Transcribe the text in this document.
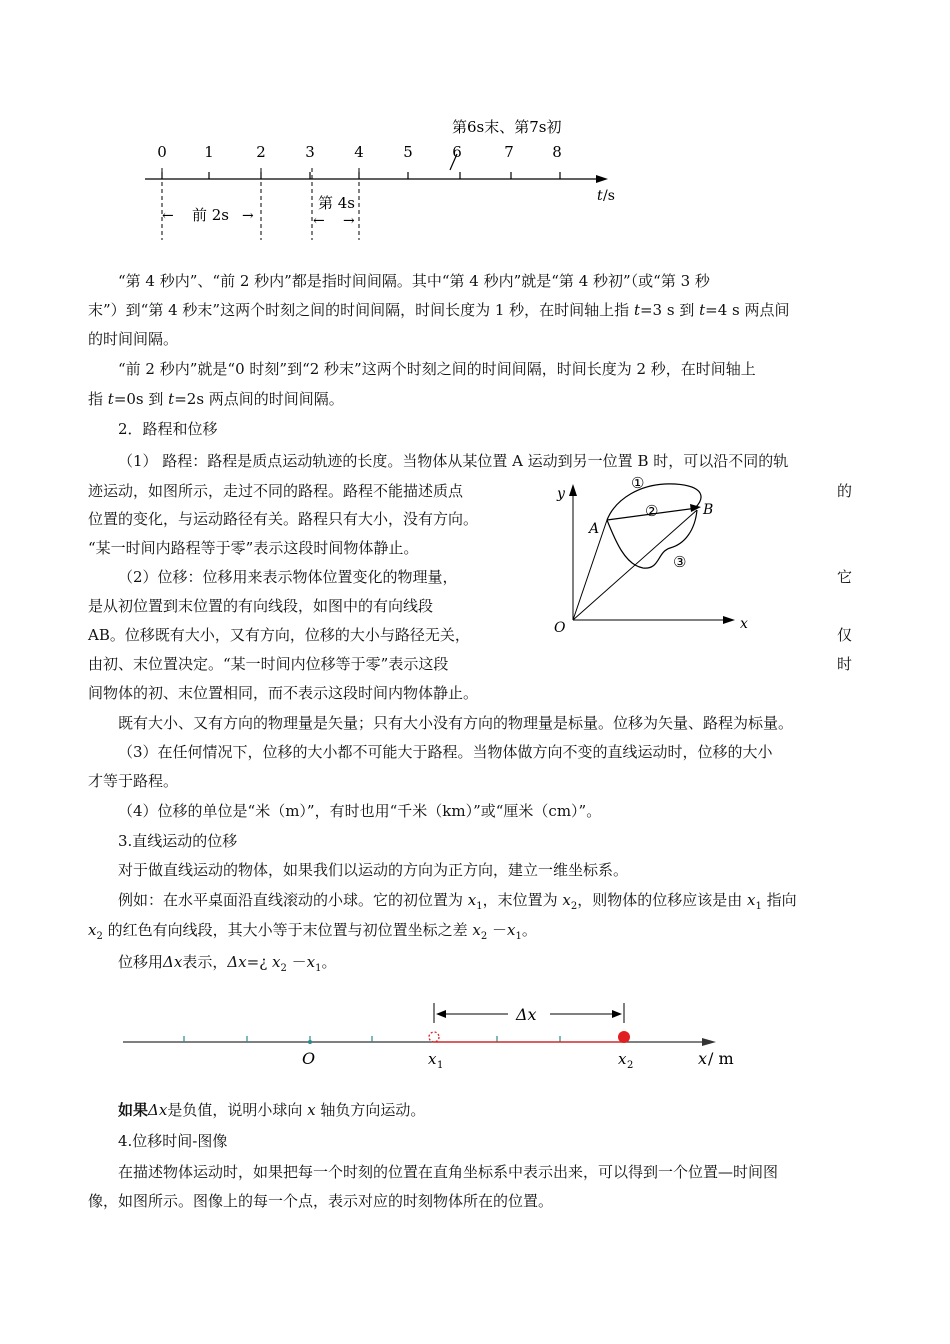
第6s末、第7s初
0 1	2	3	4	5	6	7	8
t /s
← 前 2s →
第 4s
← →
“第 4 秒内”、“前 2 秒内”都是指时间间隔。其中“第 4 秒内”就是“第 4 秒初”（或“第 3 秒
末”）到“第 4 秒末”这两个时刻之间的时间间隔，时间长度为 1 秒，在时间轴上指 t=3 s 到 t=4 s 两点间
的时间间隔。
“前 2 秒内”就是“0 时刻”到“2 秒末”这两个时刻之间的时间间隔，时间长度为 2 秒，在时间轴上
指 t=0s 到 t=2s 两点间的时间间隔。
2．路程和位移
（1） 路程：路程是质点运动轨迹的长度。当物体从某位置 A 运动到另一位置 B 时，可以沿不同的轨
迹运动，如图所示，走过不同的路程。路程不能描述质点	的
位置的变化，与运动路径有关。路程只有大小，没有方向。
“某一时间内路程等于零”表示这段时间物体静止。
（2）位移：位移用来表示物体位置变化的物理量，	它
是从初位置到末位置的有向线段，如图中的有向线段
AB。位移既有大小，又有方向，位移的大小与路径无关，	仅
由初、末位置决定。“某一时间内位移等于零”表示这段	时
间物体的初、末位置相同，而不表示这段时间内物体静止。
既有大小、又有方向的物理量是矢量；只有大小没有方向的物理量是标量。位移为矢量、路程为标量。
（3）在任何情况下，位移的大小都不可能大于路程。当物体做方向不变的直线运动时，位移的大小
才等于路程。
（4）位移的单位是“米（m）”，有时也用“千米（km）”或“厘米（cm）”。
y
x
O
A
B
①
②
③
3.直线运动的位移
对于做直线运动的物体，如果我们以运动的方向为正方向，建立一维坐标系。
例如：在水平桌面沿直线滚动的小球。它的初位置为 $x_1$，末位置为 $x_2$，则物体的位移应该是由 $x_1$ 指向
$x_2$ 的红色有向线段，其大小等于末位置与初位置坐标之差 $x_2 -x_1$。
位移用Δx表示，Δx=¿ $x_2 -x_1$。
Δx
O	x 1	x 2	x / m
如果Δx是负值，说明小球向 x 轴负方向运动。
4.位移时间-图像
在描述物体运动时，如果把每一个时刻的位置在直角坐标系中表示出来，可以得到一个位置—时间图
像，如图所示。图像上的每一个点，表示对应的时刻物体所在的位置。
